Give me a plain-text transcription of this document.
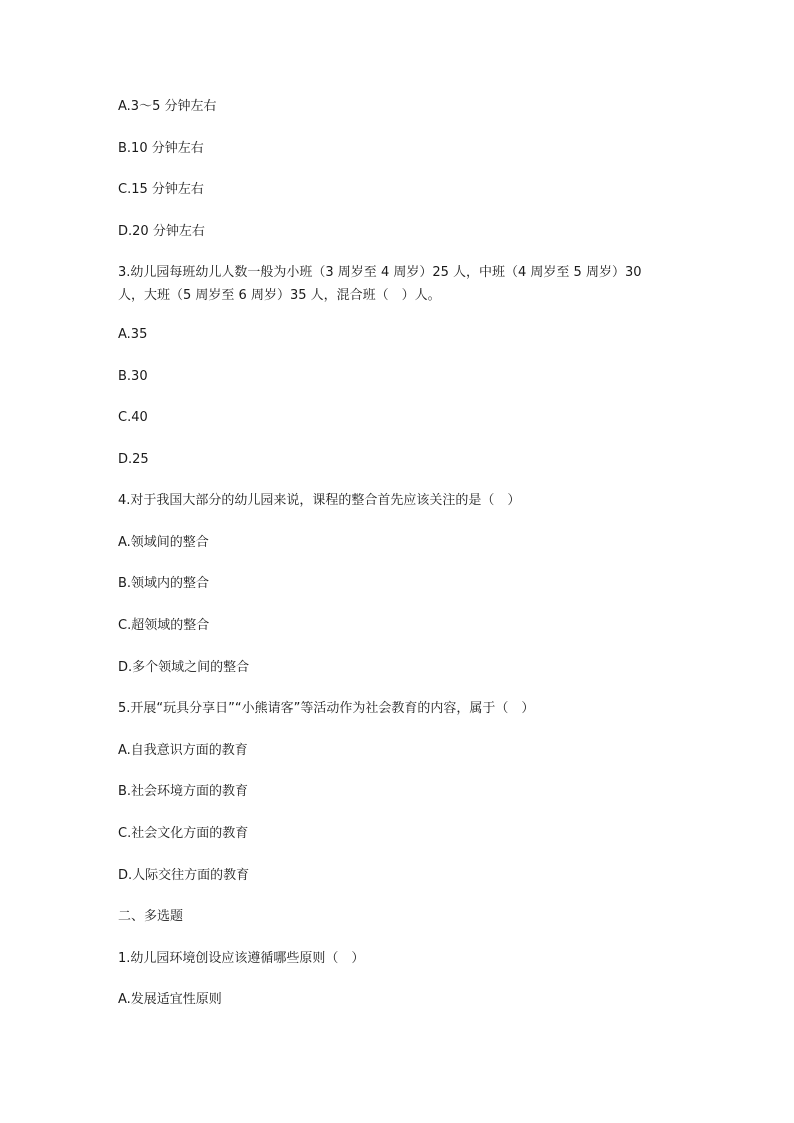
A.3～5 分钟左右
B.10 分钟左右
C.15 分钟左右
D.20 分钟左右
3.幼儿园每班幼儿人数一般为小班（3 周岁至 4 周岁）25 人，中班（4 周岁至 5 周岁）30
人，大班（5 周岁至 6 周岁）35 人，混合班（　）人。
A.35
B.30
C.40
D.25
4.对于我国大部分的幼儿园来说，课程的整合首先应该关注的是（　）
A.领域间的整合
B.领域内的整合
C.超领域的整合
D.多个领域之间的整合
5.开展“玩具分享日”“小熊请客”等活动作为社会教育的内容，属于（　）
A.自我意识方面的教育
B.社会环境方面的教育
C.社会文化方面的教育
D.人际交往方面的教育
二、多选题
1.幼儿园环境创设应该遵循哪些原则（　）
A.发展适宜性原则
